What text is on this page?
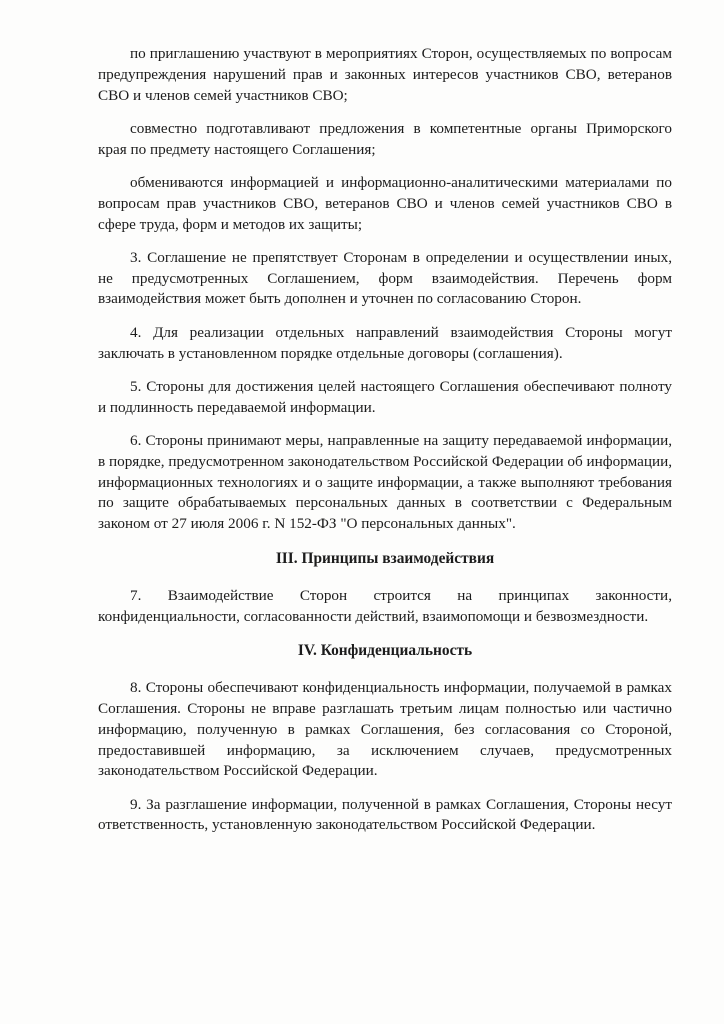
по приглашению участвуют в мероприятиях Сторон, осуществляемых по вопросам предупреждения нарушений прав и законных интересов участников СВО, ветеранов СВО и членов семей участников СВО;

совместно подготавливают предложения в компетентные органы Приморского края по предмету настоящего Соглашения;

обмениваются информацией и информационно-аналитическими материалами по вопросам прав участников СВО, ветеранов СВО и членов семей участников СВО в сфере труда, форм и методов их защиты;

3. Соглашение не препятствует Сторонам в определении и осуществлении иных, не предусмотренных Соглашением, форм взаимодействия. Перечень форм взаимодействия может быть дополнен и уточнен по согласованию Сторон.

4. Для реализации отдельных направлений взаимодействия Стороны могут заключать в установленном порядке отдельные договоры (соглашения).

5. Стороны для достижения целей настоящего Соглашения обеспечивают полноту и подлинность передаваемой информации.

6. Стороны принимают меры, направленные на защиту передаваемой информации, в порядке, предусмотренном законодательством Российской Федерации об информации, информационных технологиях и о защите информации, а также выполняют требования по защите обрабатываемых персональных данных в соответствии с Федеральным законом от 27 июля 2006 г. N 152-ФЗ "О персональных данных".

III. Принципы взаимодействия

7. Взаимодействие Сторон строится на принципах законности, конфиденциальности, согласованности действий, взаимопомощи и безвозмездности.

IV. Конфиденциальность

8. Стороны обеспечивают конфиденциальность информации, получаемой в рамках Соглашения. Стороны не вправе разглашать третьим лицам полностью или частично информацию, полученную в рамках Соглашения, без согласования со Стороной, предоставившей информацию, за исключением случаев, предусмотренных законодательством Российской Федерации.

9. За разглашение информации, полученной в рамках Соглашения, Стороны несут ответственность, установленную законодательством Российской Федерации.
